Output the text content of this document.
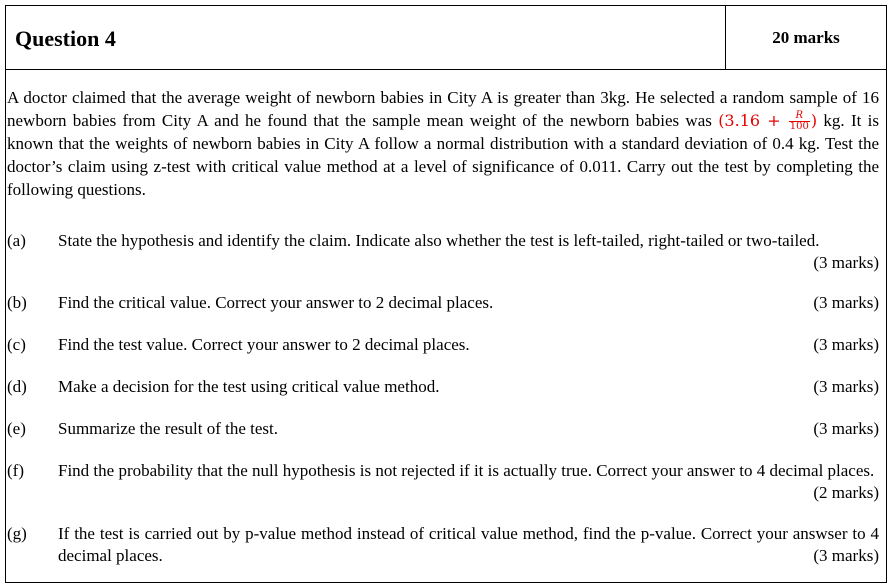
Question 4	20 marks
A doctor claimed that the average weight of newborn babies in City A is greater than 3kg. He selected a random sample of 16 newborn babies from City A and he found that the sample mean weight of the newborn babies was ($3.16 + \frac{R}{100}$ ) kg. It is known that the weights of newborn babies in City A follow a normal distribution with a standard deviation of 0.4 kg. Test the doctor’s claim using z-test with critical value method at a level of significance of 0.011. Carry out the test by completing the following questions.
(a) State the hypothesis and identify the claim. Indicate also whether the test is left-tailed, right-tailed or two-tailed.
(3 marks)
(b) Find the critical value. Correct your answer to 2 decimal places.	(3 marks)
(c) Find the test value. Correct your answer to 2 decimal places.	(3 marks)
(d) Make a decision for the test using critical value method.	(3 marks)
(e) Summarize the result of the test.	(3 marks)
(f) Find the probability that the null hypothesis is not rejected if it is actually true. Correct your answer to 4 decimal places.
(2 marks)
(g) If the test is carried out by p-value method instead of critical value method, find the p-value. Correct your answser to 4 decimal places.	(3 marks)
